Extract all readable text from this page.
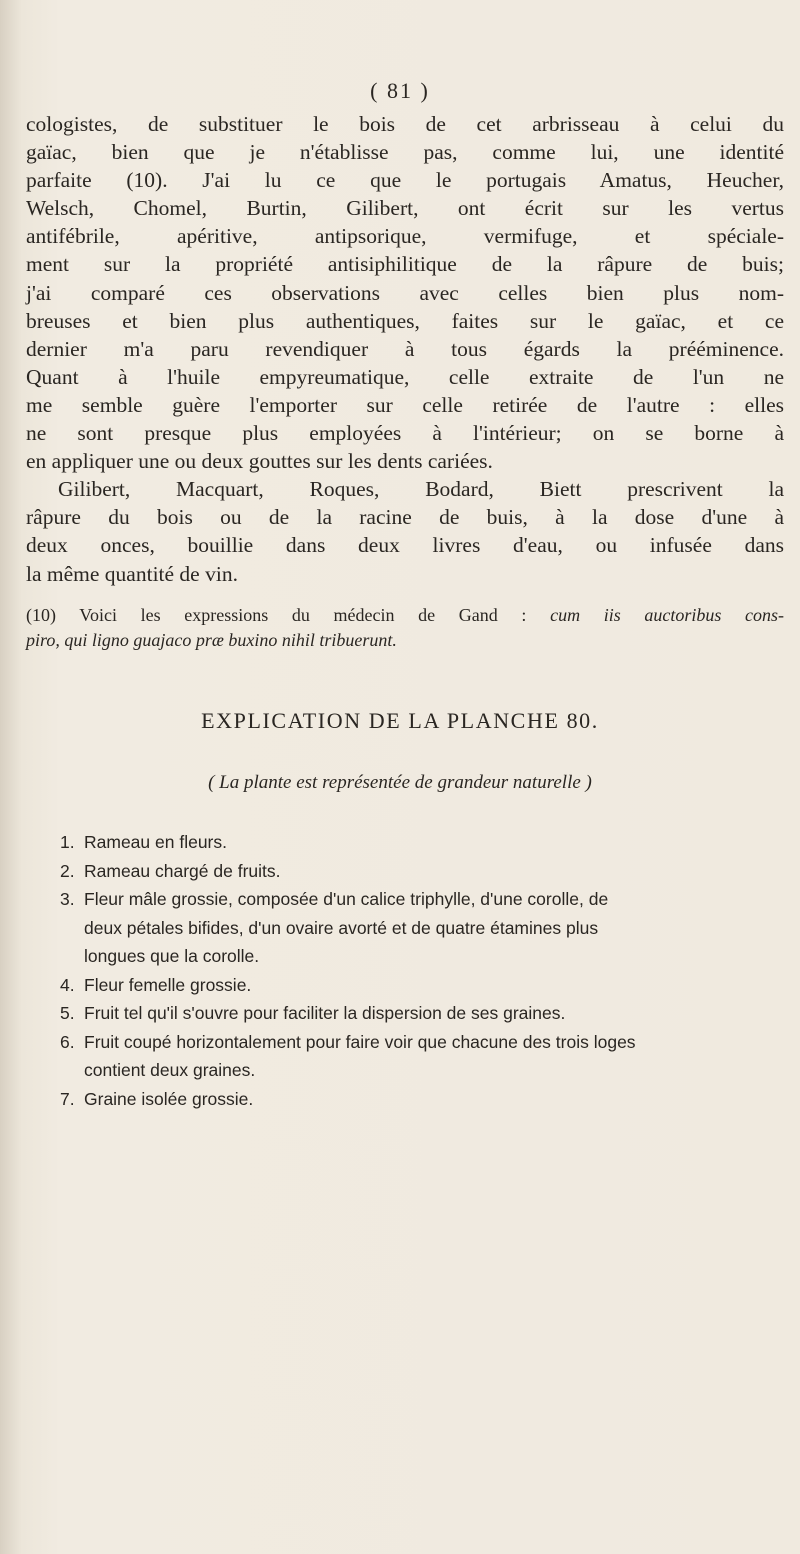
( 81 )
cologistes, de substituer le bois de cet arbrisseau à celui du
gaïac, bien que je n'établisse pas, comme lui, une identité
parfaite (10). J'ai lu ce que le portugais Amatus, Heucher,
Welsch, Chomel, Burtin, Gilibert, ont écrit sur les vertus
antifébrile, apéritive, antipsorique, vermifuge, et spéciale-
ment sur la propriété antisiphilitique de la râpure de buis;
j'ai comparé ces observations avec celles bien plus nom-
breuses et bien plus authentiques, faites sur le gaïac, et ce
dernier m'a paru revendiquer à tous égards la prééminence.
Quant à l'huile empyreumatique, celle extraite de l'un ne
me semble guère l'emporter sur celle retirée de l'autre : elles
ne sont presque plus employées à l'intérieur; on se borne à
en appliquer une ou deux gouttes sur les dents cariées.
Gilibert, Macquart, Roques, Bodard, Biett prescrivent la
râpure du bois ou de la racine de buis, à la dose d'une à
deux onces, bouillie dans deux livres d'eau, ou infusée dans
la même quantité de vin.
(10) Voici les expressions du médecin de Gand : cum iis auctoribus cons-
piro, qui ligno guajaco præ buxino nihil tribuerunt.
EXPLICATION DE LA PLANCHE 80.
( La plante est représentée de grandeur naturelle )
1. Rameau en fleurs.
2. Rameau chargé de fruits.
3. Fleur mâle grossie, composée d'un calice triphylle, d'une corolle, de
deux pétales bifides, d'un ovaire avorté et de quatre étamines plus
longues que la corolle.
4. Fleur femelle grossie.
5. Fruit tel qu'il s'ouvre pour faciliter la dispersion de ses graines.
6. Fruit coupé horizontalement pour faire voir que chacune des trois loges
contient deux graines.
7. Graine isolée grossie.
